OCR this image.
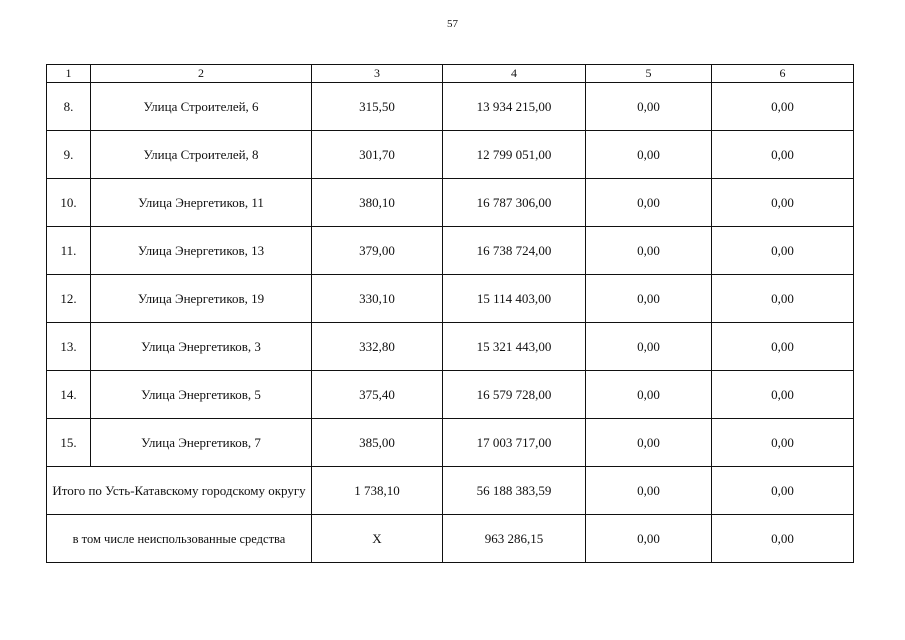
57
1	2	3	4	5	6
8.	Улица Строителей, 6	315,50	13 934 215,00	0,00	0,00
9.	Улица Строителей, 8	301,70	12 799 051,00	0,00	0,00
10.	Улица Энергетиков, 11	380,10	16 787 306,00	0,00	0,00
11.	Улица Энергетиков, 13	379,00	16 738 724,00	0,00	0,00
12.	Улица Энергетиков, 19	330,10	15 114 403,00	0,00	0,00
13.	Улица Энергетиков, 3	332,80	15 321 443,00	0,00	0,00
14.	Улица Энергетиков, 5	375,40	16 579 728,00	0,00	0,00
15.	Улица Энергетиков, 7	385,00	17 003 717,00	0,00	0,00
Итого по Усть-Катавскому городскому округу		1 738,10	56 188 383,59	0,00	0,00
в том числе неиспользованные средства		X	963 286,15	0,00	0,00
